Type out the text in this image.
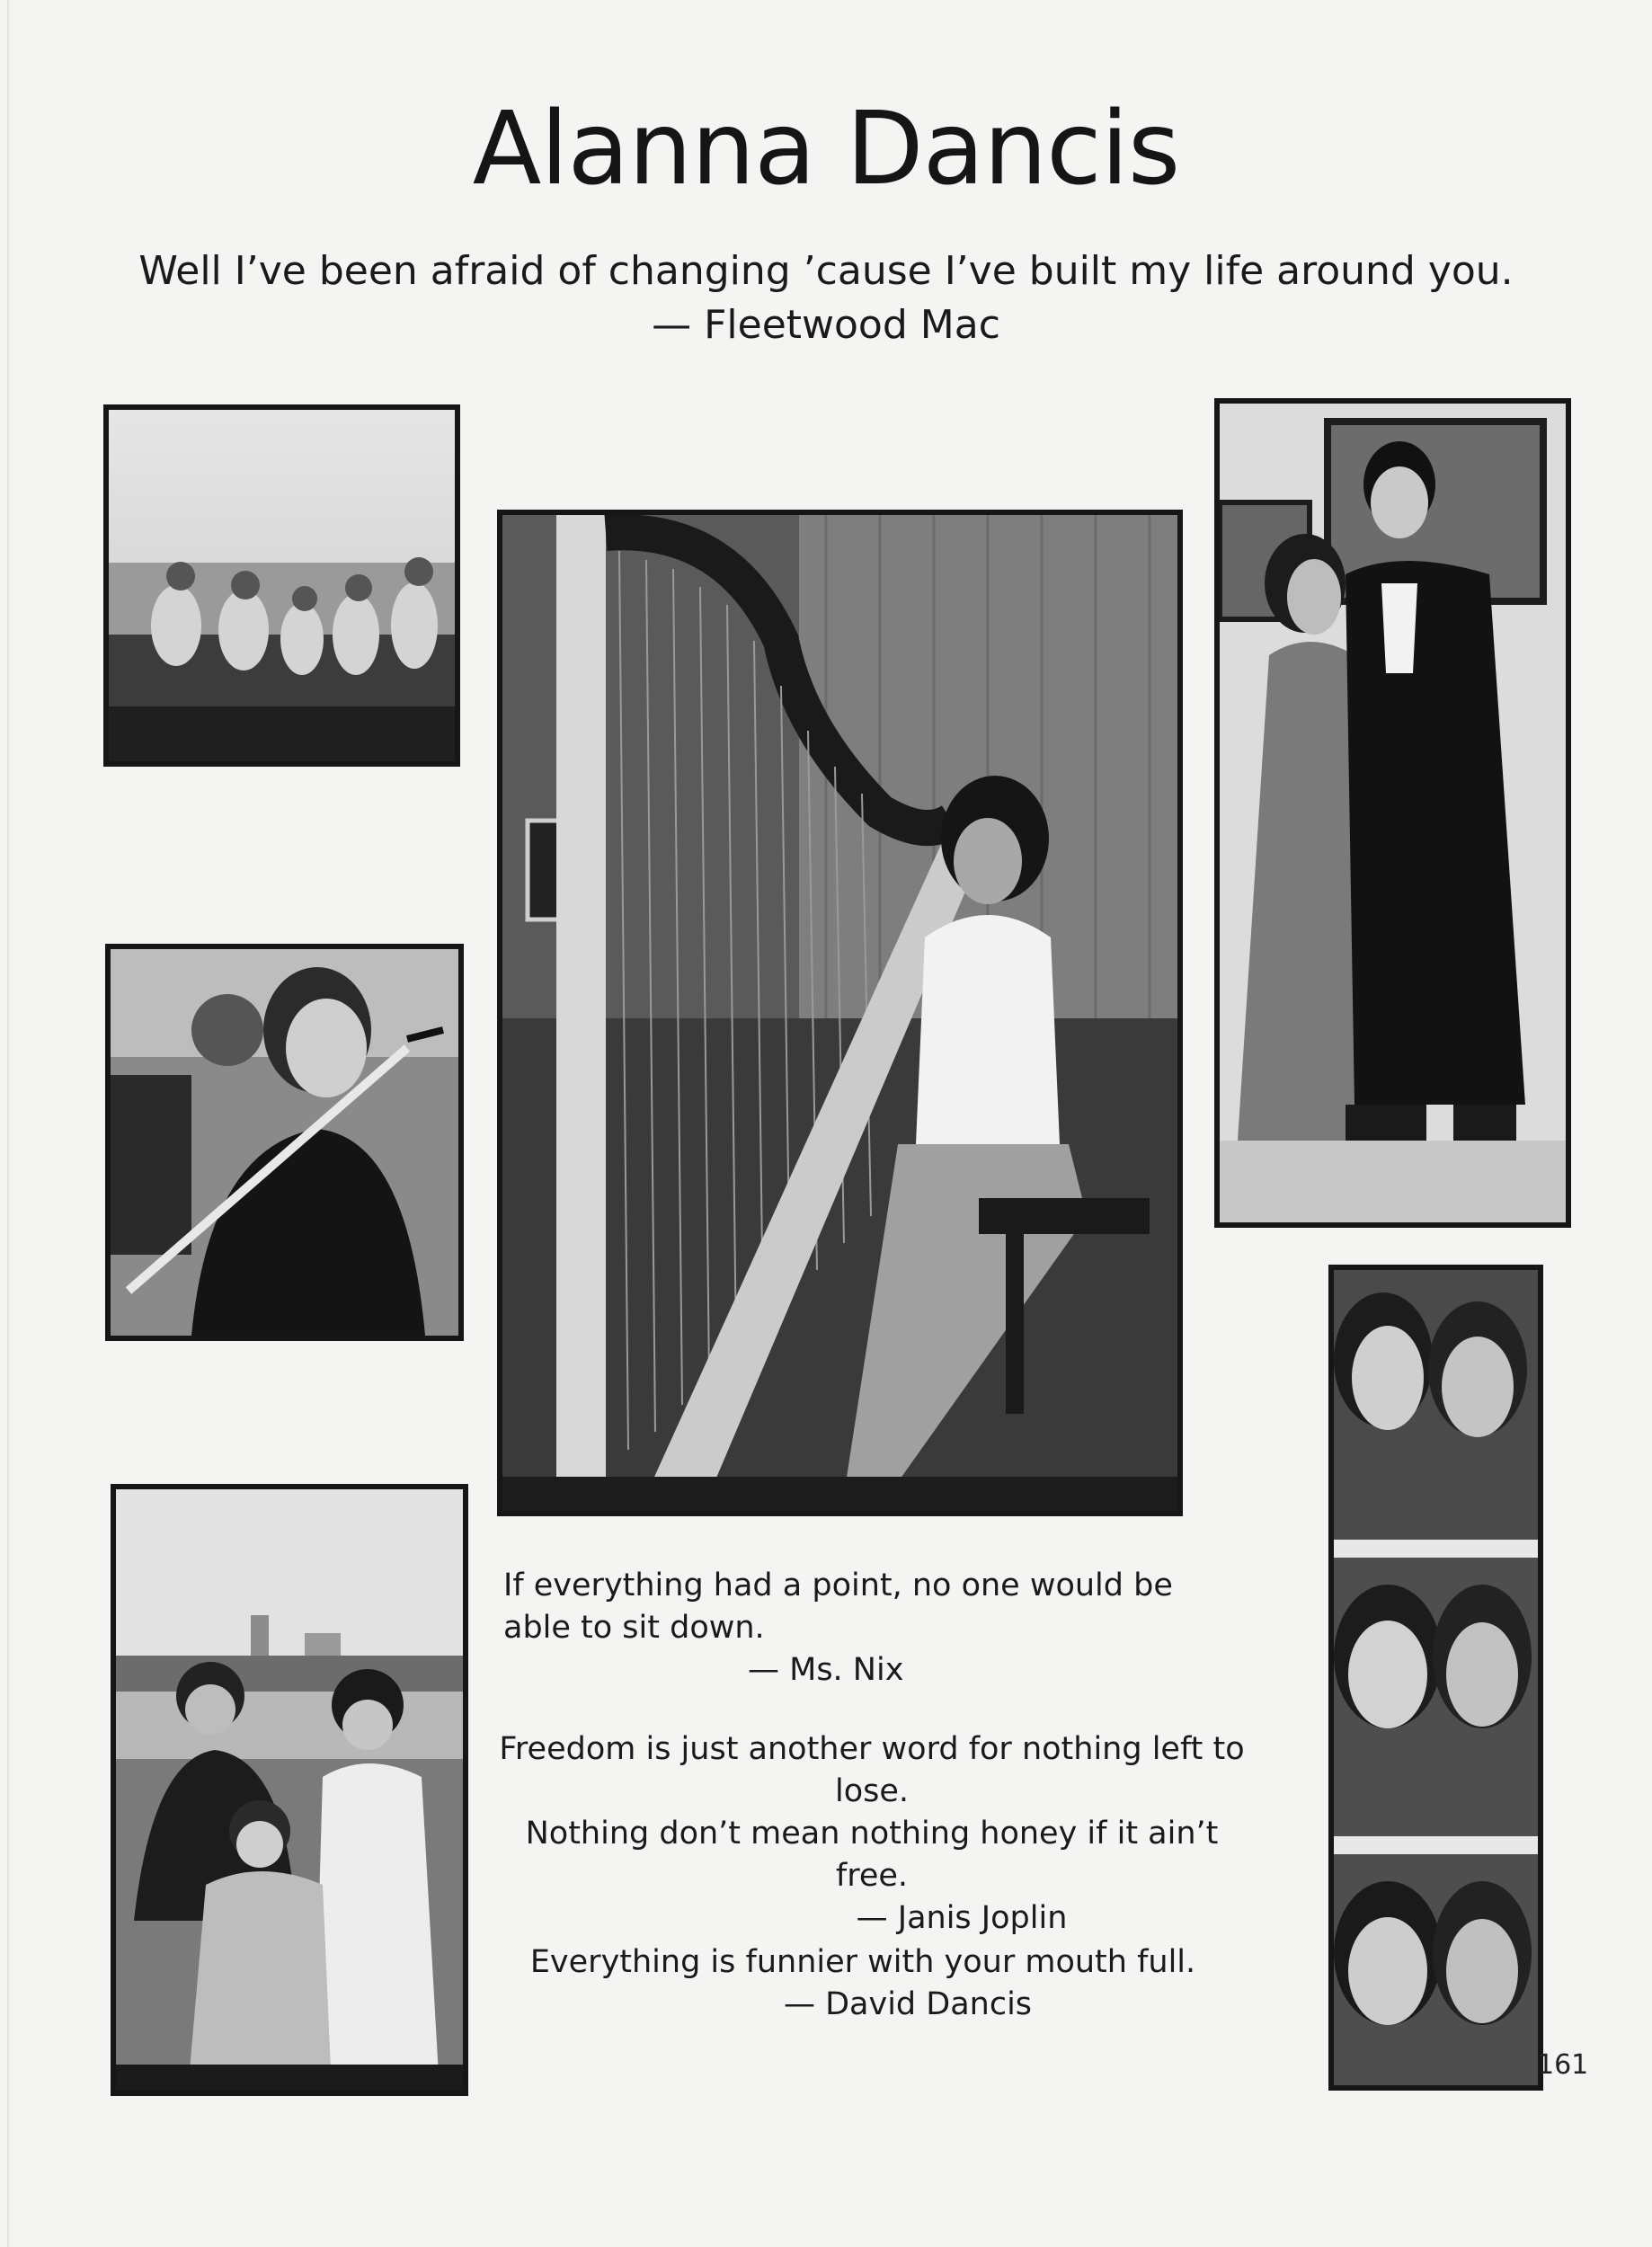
Alanna Dancis
Well I’ve been afraid of changing ’cause I’ve built my life around you.
— Fleetwood Mac
If everything had a point, no one would be
able to sit down.
— Ms. Nix
Freedom is just another word for nothing left to lose.
Nothing don’t mean nothing honey if it ain’t free.
— Janis Joplin
Everything is funnier with your mouth full.
— David Dancis
161
